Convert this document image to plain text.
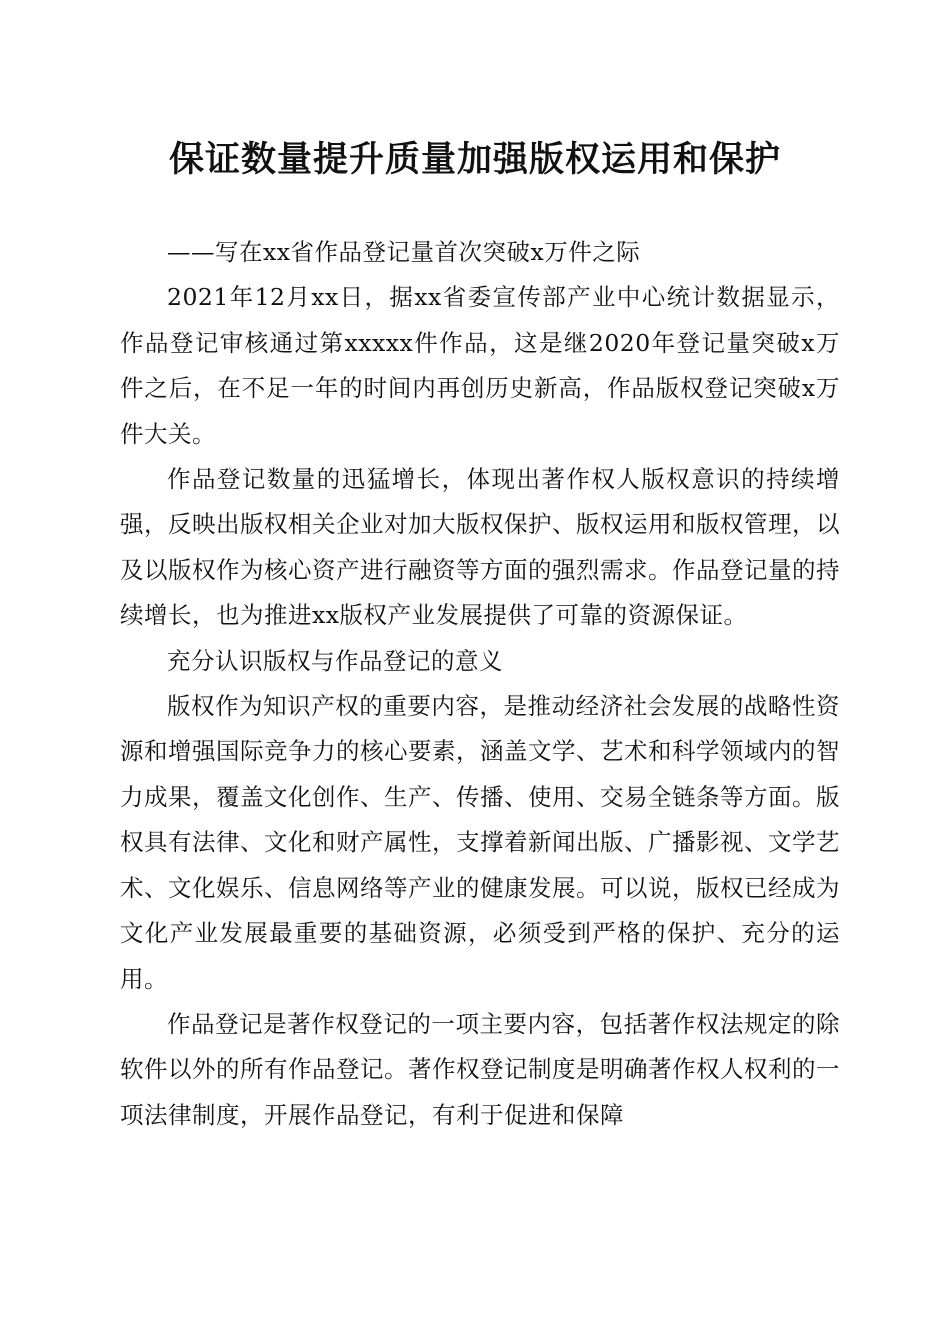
保证数量提升质量加强版权运用和保护

——写在xx省作品登记量首次突破x万件之际

2021年12月xx日，据xx省委宣传部产业中心统计数据显示，作品登记审核通过第xxxxx件作品，这是继2020年登记量突破x万件之后，在不足一年的时间内再创历史新高，作品版权登记突破x万件大关。

作品登记数量的迅猛增长，体现出著作权人版权意识的持续增强，反映出版权相关企业对加大版权保护、版权运用和版权管理，以及以版权作为核心资产进行融资等方面的强烈需求。作品登记量的持续增长，也为推进xx版权产业发展提供了可靠的资源保证。

充分认识版权与作品登记的意义

版权作为知识产权的重要内容，是推动经济社会发展的战略性资源和增强国际竞争力的核心要素，涵盖文学、艺术和科学领域内的智力成果，覆盖文化创作、生产、传播、使用、交易全链条等方面。版权具有法律、文化和财产属性，支撑着新闻出版、广播影视、文学艺术、文化娱乐、信息网络等产业的健康发展。可以说，版权已经成为文化产业发展最重要的基础资源，必须受到严格的保护、充分的运用。

作品登记是著作权登记的一项主要内容，包括著作权法规定的除软件以外的所有作品登记。著作权登记制度是明确著作权人权利的一项法律制度，开展作品登记，有利于促进和保障
